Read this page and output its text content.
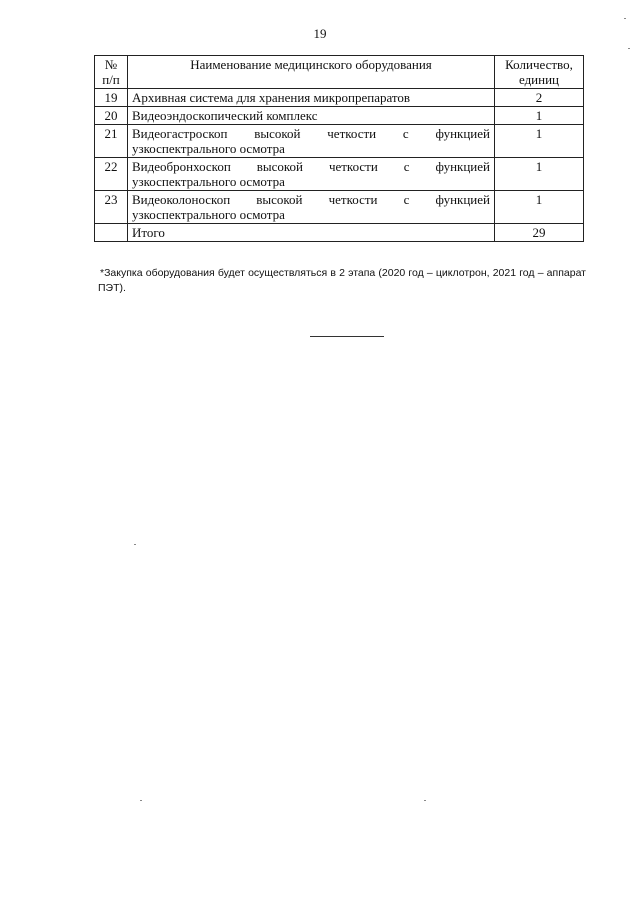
19
№ п/п	Наименование медицинского оборудования	Количество, единиц
19	Архивная система для хранения микропрепаратов	2
20	Видеоэндоскопический комплекс	1
21	Видеогастроскоп высокой четкости с функцией узкоспектрального осмотра	1
22	Видеобронхоскоп высокой четкости с функцией узкоспектрального осмотра	1
23	Видеоколоноскоп высокой четкости с функцией узкоспектрального осмотра	1
	Итого	29
*Закупка оборудования будет осуществляться в 2 этапа (2020 год – циклотрон, 2021 год – аппарат ПЭТ).
